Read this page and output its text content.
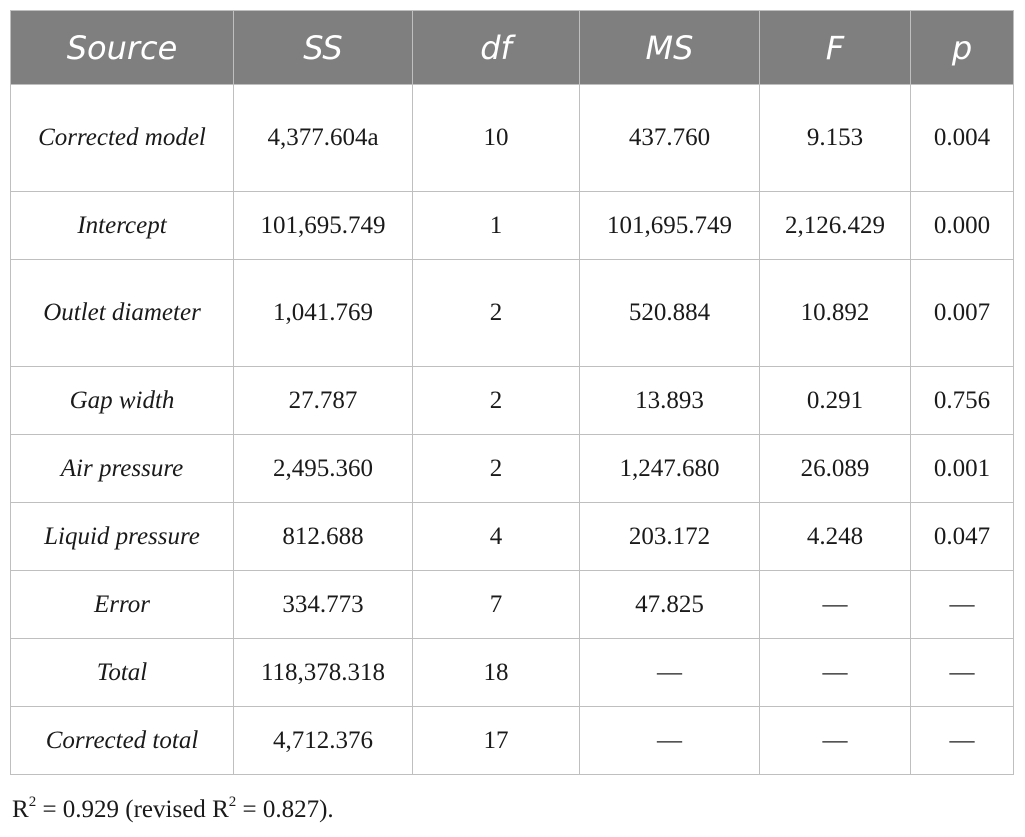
Source	SS	df	MS	F	p
Corrected model	4,377.604a	10	437.760	9.153	0.004
Intercept	101,695.749	1	101,695.749	2,126.429	0.000
Outlet diameter	1,041.769	2	520.884	10.892	0.007
Gap width	27.787	2	13.893	0.291	0.756
Air pressure	2,495.360	2	1,247.680	26.089	0.001
Liquid pressure	812.688	4	203.172	4.248	0.047
Error	334.773	7	47.825	—	—
Total	118,378.318	18	—	—	—
Corrected total	4,712.376	17	—	—	—
$R^2 = 0.929$ (revised $R^2 = 0.827$).
